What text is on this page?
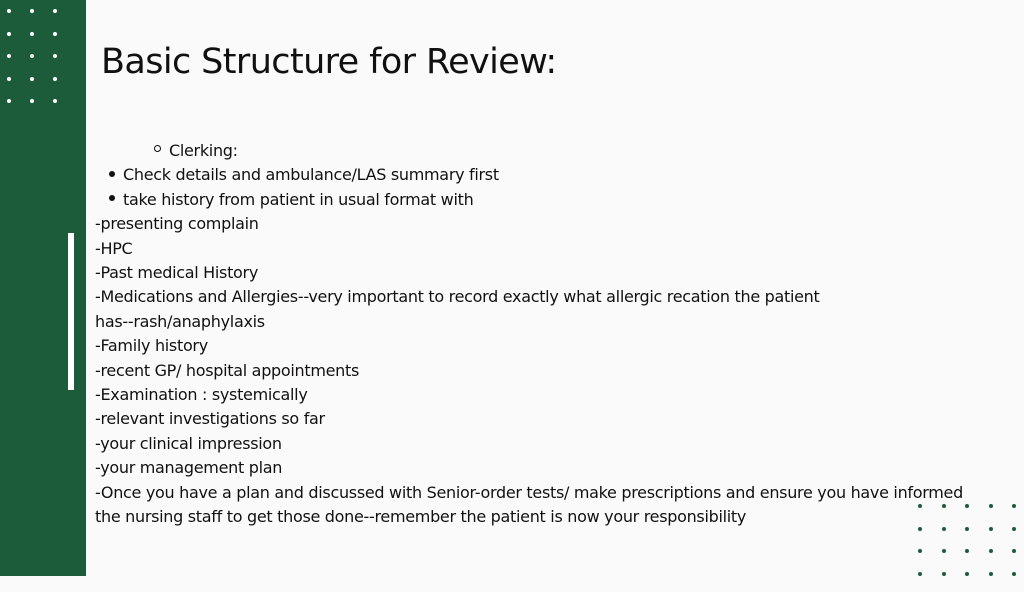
Basic Structure for Review:
Clerking:
Check details and ambulance/LAS summary first
take history from patient in usual format with
-presenting complain
-HPC
-Past medical History
-Medications and Allergies--very important to record exactly what allergic recation the patient
has--rash/anaphylaxis
-Family history
-recent GP/ hospital appointments
-Examination : systemically
-relevant investigations so far
-your clinical impression
-your management plan
-Once you have a plan and discussed with Senior-order tests/ make prescriptions and ensure you have informed
the nursing staff to get those done--remember the patient is now your responsibility
